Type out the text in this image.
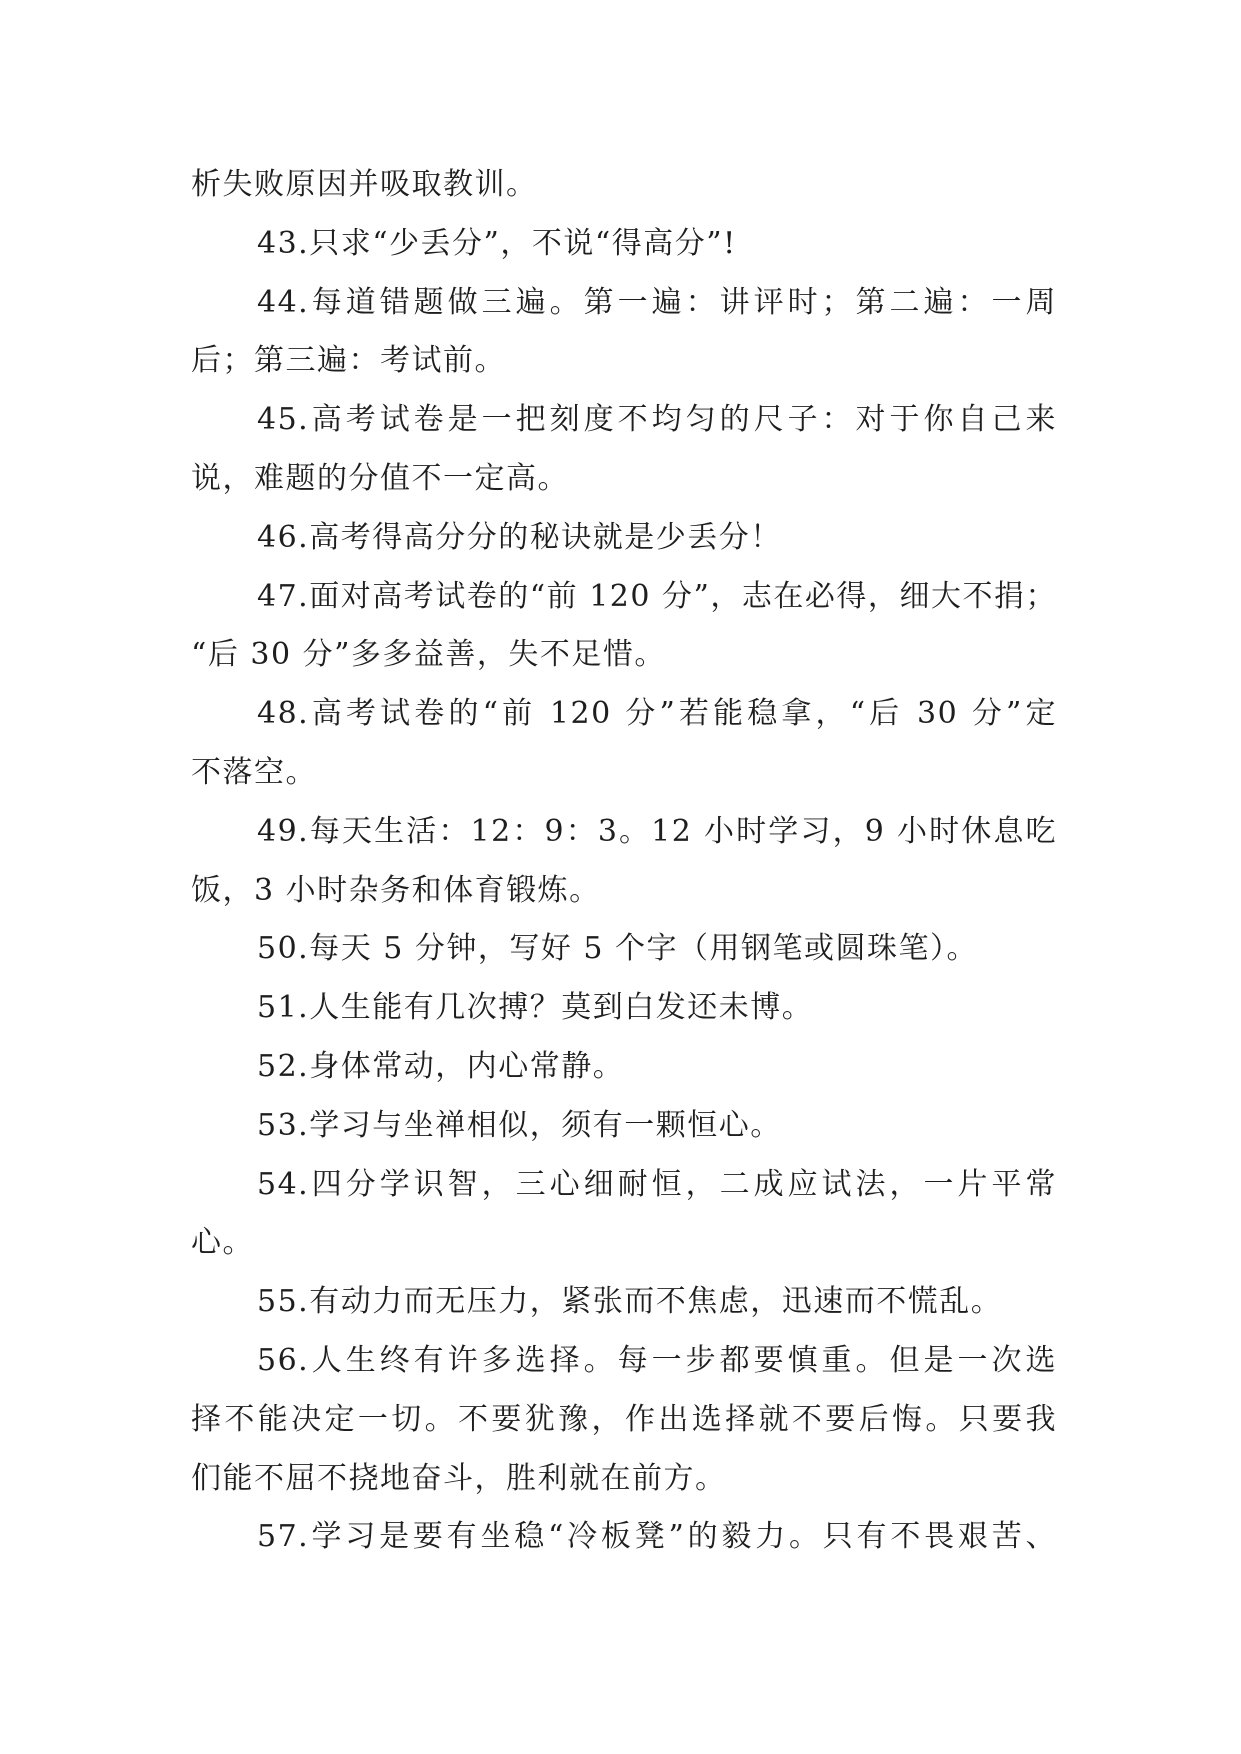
析失败原因并吸取教训。
43.只求“少丢分”，不说“得高分”!
44.每道错题做三遍。第一遍：讲评时；第二遍：一周
后；第三遍：考试前。
45.高考试卷是一把刻度不均匀的尺子：对于你自己来
说，难题的分值不一定高。
46.高考得高分分的秘诀就是少丢分！
47.面对高考试卷的“前 120 分”，志在必得，细大不捐；
“后 30 分”多多益善，失不足惜。
48.高考试卷的“前 120 分”若能稳拿，“后 30 分”定
不落空。
49.每天生活：12：9：3。12 小时学习，9 小时休息吃
饭，3 小时杂务和体育锻炼。
50.每天 5 分钟，写好 5 个字（用钢笔或圆珠笔）。
51.人生能有几次搏？莫到白发还未博。
52.身体常动，内心常静。
53.学习与坐禅相似，须有一颗恒心。
54.四分学识智，三心细耐恒，二成应试法，一片平常
心。
55.有动力而无压力，紧张而不焦虑，迅速而不慌乱。
56.人生终有许多选择。每一步都要慎重。但是一次选
择不能决定一切。不要犹豫，作出选择就不要后悔。只要我
们能不屈不挠地奋斗，胜利就在前方。
57.学习是要有坐稳“冷板凳”的毅力。只有不畏艰苦、
